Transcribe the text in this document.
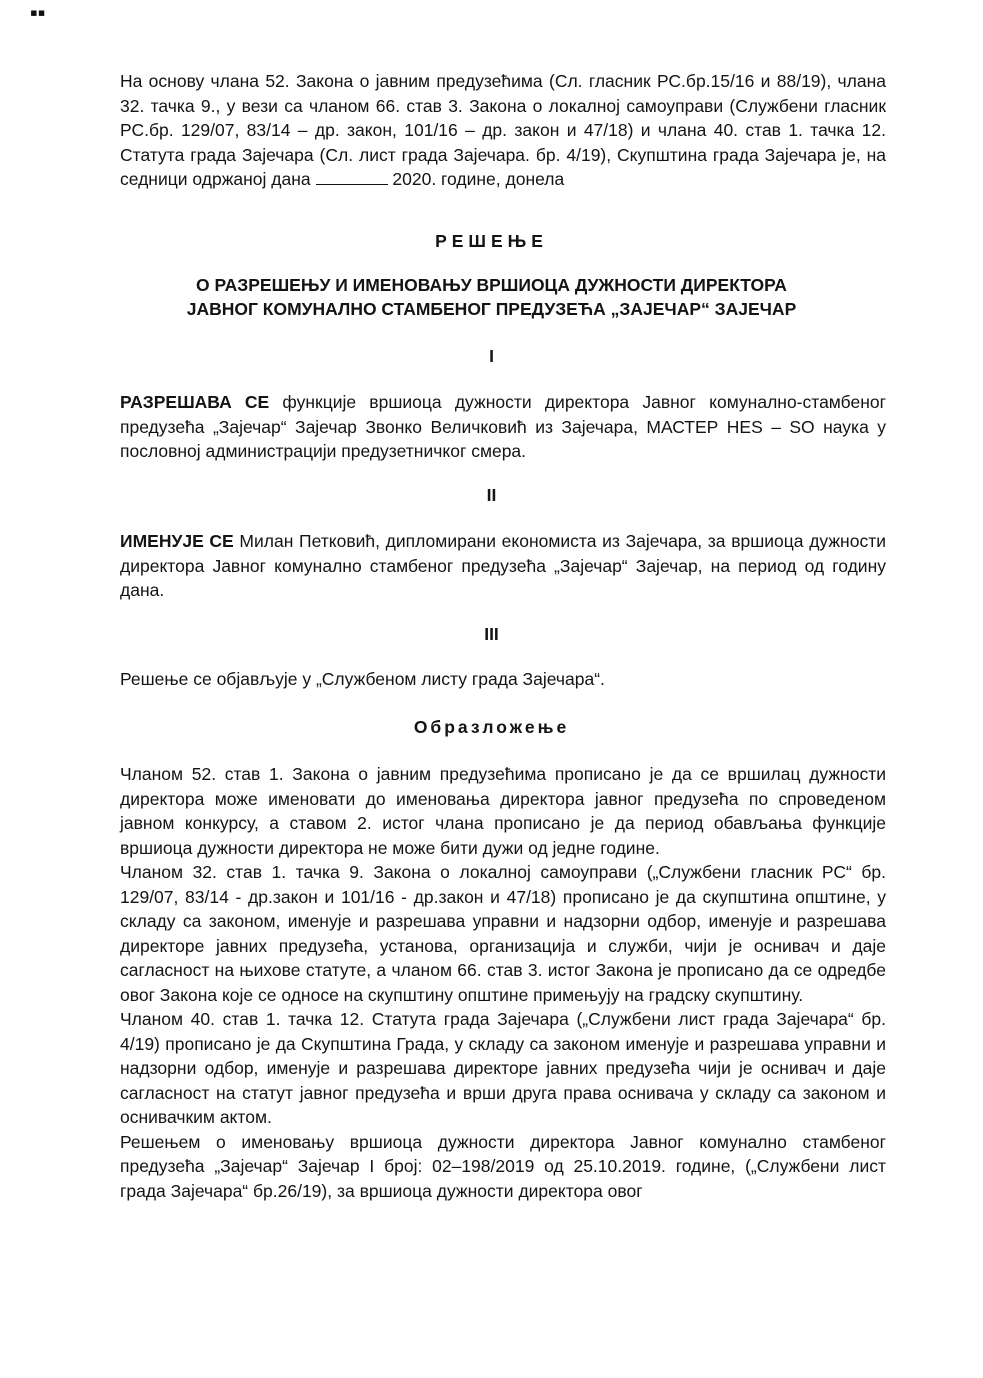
▪▪

На основу члана 52. Закона о јавним предузећима (Сл. гласник РС.бр.15/16 и 88/19), члана 32. тачка 9., у вези са чланом 66. став 3. Закона о локалној самоуправи (Службени гласник РС.бр. 129/07, 83/14 – др. закон, 101/16 – др. закон и 47/18) и члана 40. став 1. тачка 12. Статута града Зајечара (Сл. лист града Зајечара. бр. 4/19), Скупштина града Зајечара је, на седници одржаној дана	2020. године, донела

РЕШЕЊЕ
О РАЗРЕШЕЊУ И ИМЕНОВАЊУ ВРШИОЦА ДУЖНОСТИ ДИРЕКТОРА
ЈАВНОГ КОМУНАЛНО СТАМБЕНОГ ПРЕДУЗЕЋА „ЗАЈЕЧАР“ ЗАЈЕЧАР
I

РАЗРЕШАВА СЕ функције вршиоца дужности директора Јавног комунално-стамбеног предузећа „Зајечар“ Зајечар Звонко Величковић из Зајечара, МАСТЕР HES – SO наука у пословној администрацији предузетничког смера.

II

ИМЕНУЈЕ СЕ Милан Петковић, дипломирани економиста из Зајечара, за вршиоца дужности директора Јавног комунално стамбеног предузећа „Зајечар“ Зајечар, на период од годину дана.

III

Решење се објављује у „Службеном листу града Зајечара“.

Образложење

Чланом 52. став 1. Закона о јавним предузећима прописано је да се вршилац дужности директора може именовати до именовања директора јавног предузећа по спроведеном јавном конкурсу, а ставом 2. истог члана прописано је да период обављања функције вршиоца дужности директора не може бити дужи од једне године.

Чланом 32. став 1. тачка 9. Закона о локалној самоуправи („Службени гласник РС“ бр. 129/07, 83/14 - др.закон и 101/16 - др.закон и 47/18) прописано је да скупштина општине, у складу са законом, именује и разрешава управни и надзорни одбор, именује и разрешава директоре јавних предузећа, установа, организација и служби, чији је оснивач и даје сагласност на њихове статуте, а чланом 66. став 3. истог Закона је прописано да се одредбе овог Закона које се односе на скупштину општине примењују на градску скупштину.

Чланом 40. став 1. тачка 12. Статута града Зајечара („Службени лист града Зајечара“ бр. 4/19) прописано је да Скупштина Града, у складу са законом именује и разрешава управни и надзорни одбор, именује и разрешава директоре јавних предузећа чији је оснивач и даје сагласност на статут јавног предузећа и врши друга права оснивача у складу са законом и оснивачким актом.

Решењем о именовању вршиоца дужности директора Јавног комунално стамбеног предузећа „Зајечар“ Зајечар I број: 02–198/2019 од 25.10.2019. године, („Службени лист града Зајечара“ бр.26/19), за вршиоца дужности директора овог
